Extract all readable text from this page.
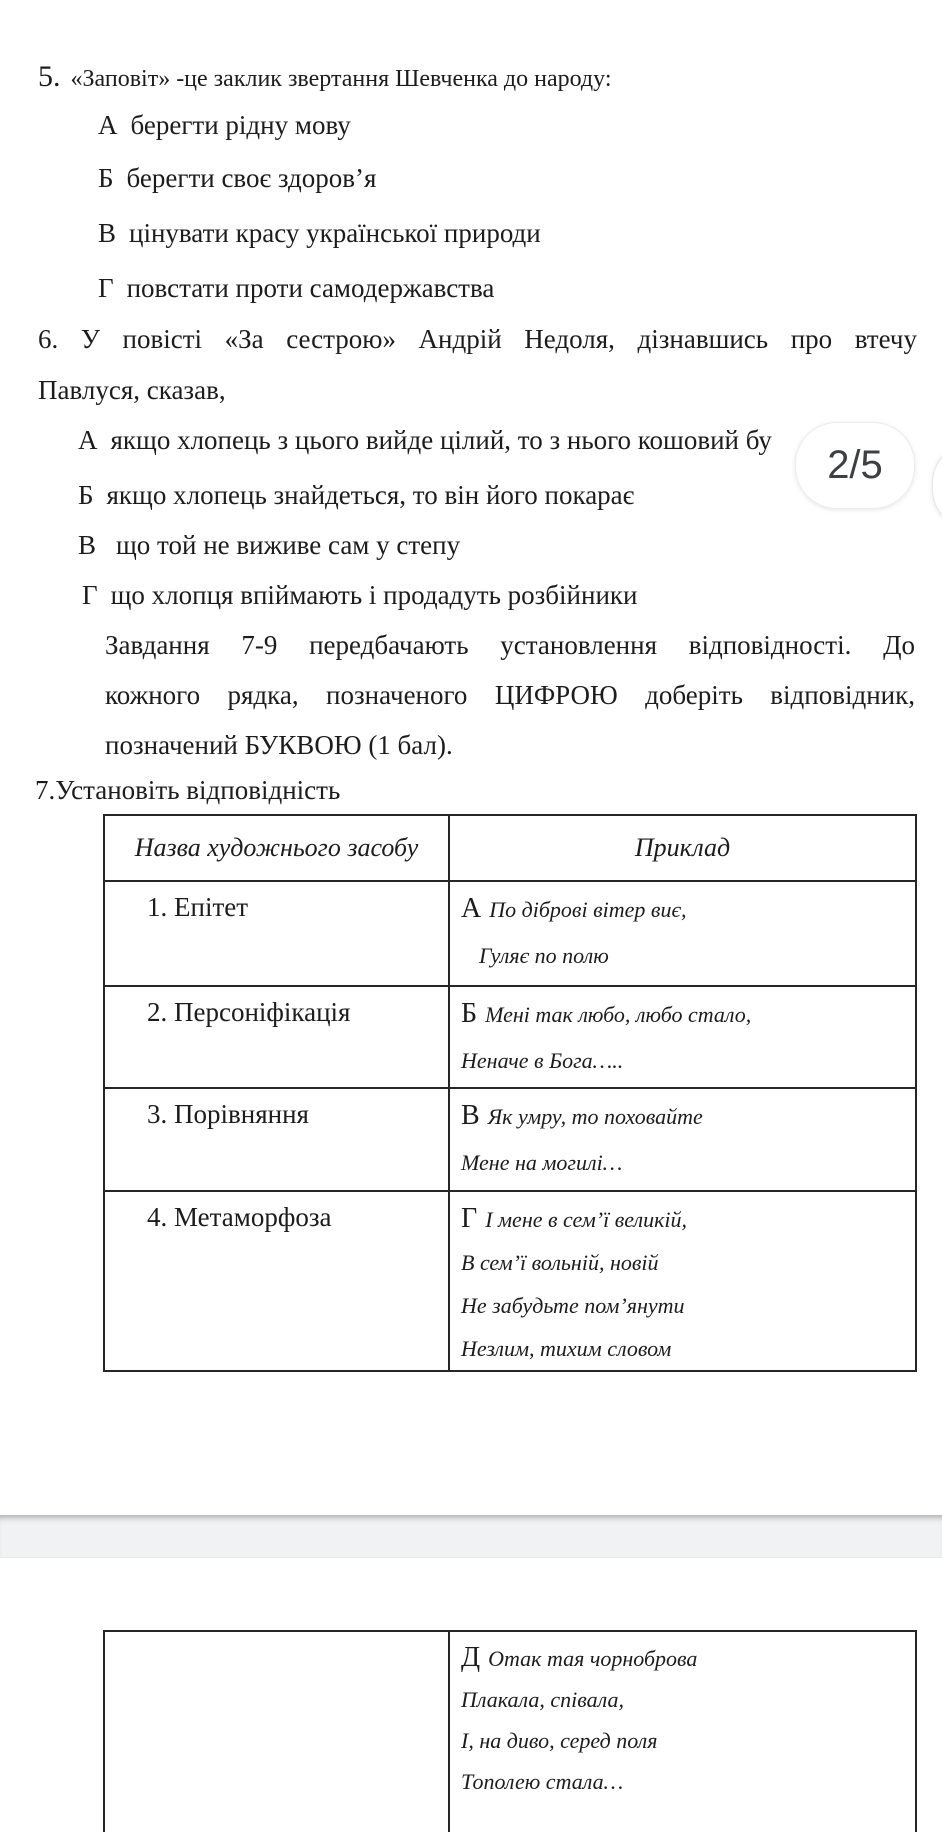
5. «Заповіт» -це заклик звертання Шевченка до народу:
А берегти рідну мову
Б берегти своє здоров’я
В цінувати красу української природи
Г повстати проти самодержавства
6. У повісті «За сестрою» Андрій Недоля, дізнавшись про втечу
Павлуся, сказав,
А якщо хлопець з цього вийде цілий, то з нього кошовий бу
Б якщо хлопець знайдеться, то він його покарає
В що той не виживе сам у степу
Г що хлопця впіймають і продадуть розбійники
Завдання 7-9 передбачають установлення відповідності. До
кожного рядка, позначеного ЦИФРОЮ доберіть відповідник,
позначений БУКВОЮ (1 бал).
7.Установіть відповідність
Назва художнього засобу	Приклад
1. Епітет	А По діброві вітер виє,
Гуляє по полю
2. Персоніфікація	Б Мені так любо, любо стало,
Неначе в Бога…..
3. Порівняння	В Як умру, то поховайте
Мене на могилі…
4. Метаморфоза	Г І мене в сем’ї великій,
В сем’ї вольній, новій
Не забудьте пом’янути
Незлим, тихим словом
Д Отак тая чорноброва
Плакала, співала,
І, на диво, серед поля
Тополею стала…
2/5
